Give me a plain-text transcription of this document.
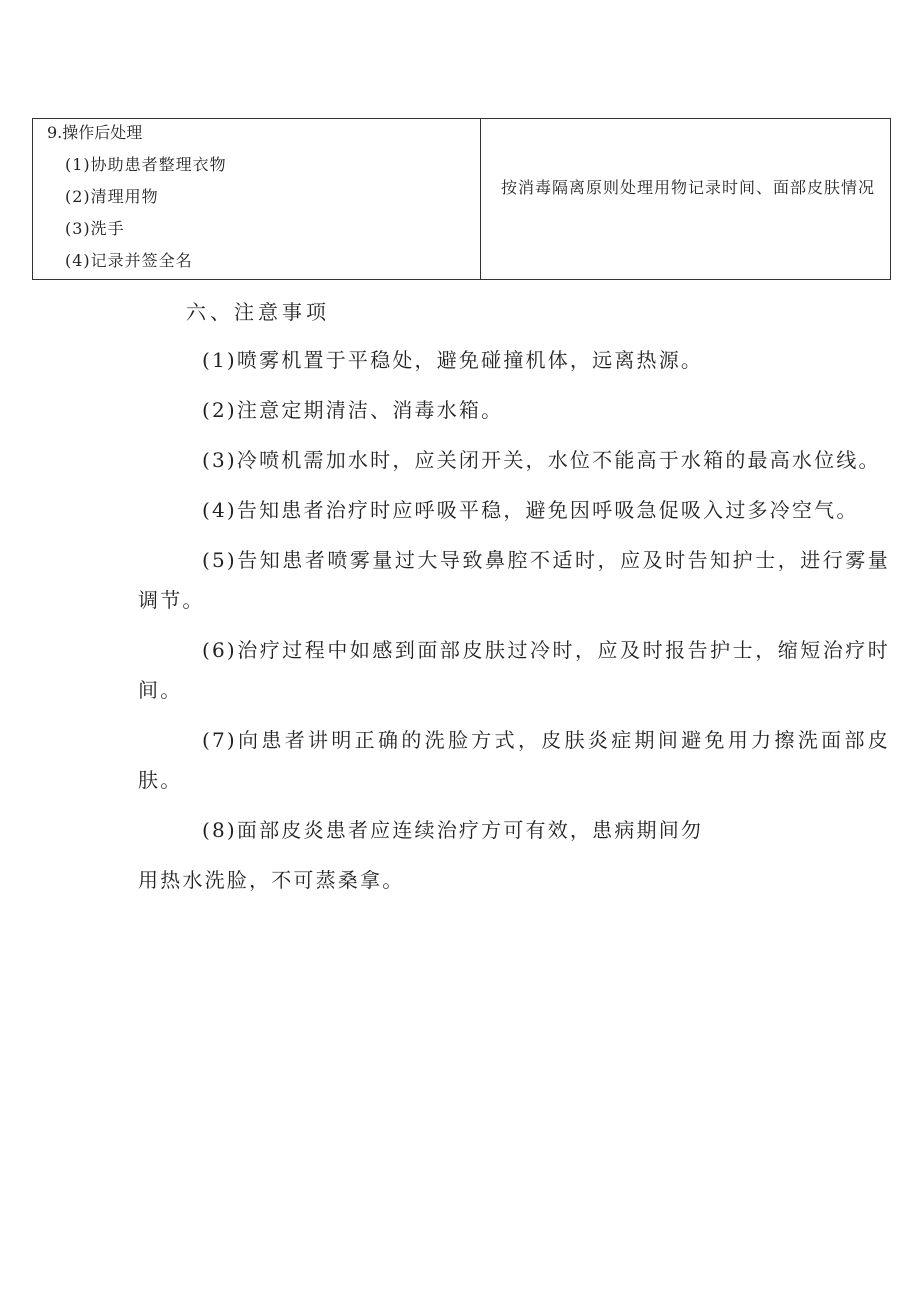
9.操作后处理
(1)协助患者整理衣物
(2)清理用物
(3)洗手
(4)记录并签全名

按消毒隔离原则处理用物记录时间、面部皮肤情况
六、注意事项

(1)喷雾机置于平稳处，避免碰撞机体，远离热源。

(2)注意定期清洁、消毒水箱。

(3)冷喷机需加水时，应关闭开关，水位不能高于水箱的最高水位线。

(4)告知患者治疗时应呼吸平稳，避免因呼吸急促吸入过多冷空气。

(5)告知患者喷雾量过大导致鼻腔不适时，应及时告知护士，进行雾量调节。

(6)治疗过程中如感到面部皮肤过冷时，应及时报告护士，缩短治疗时间。

(7)向患者讲明正确的洗脸方式，皮肤炎症期间避免用力擦洗面部皮肤。

(8)面部皮炎患者应连续治疗方可有效，患病期间勿

用热水洗脸，不可蒸桑拿。
